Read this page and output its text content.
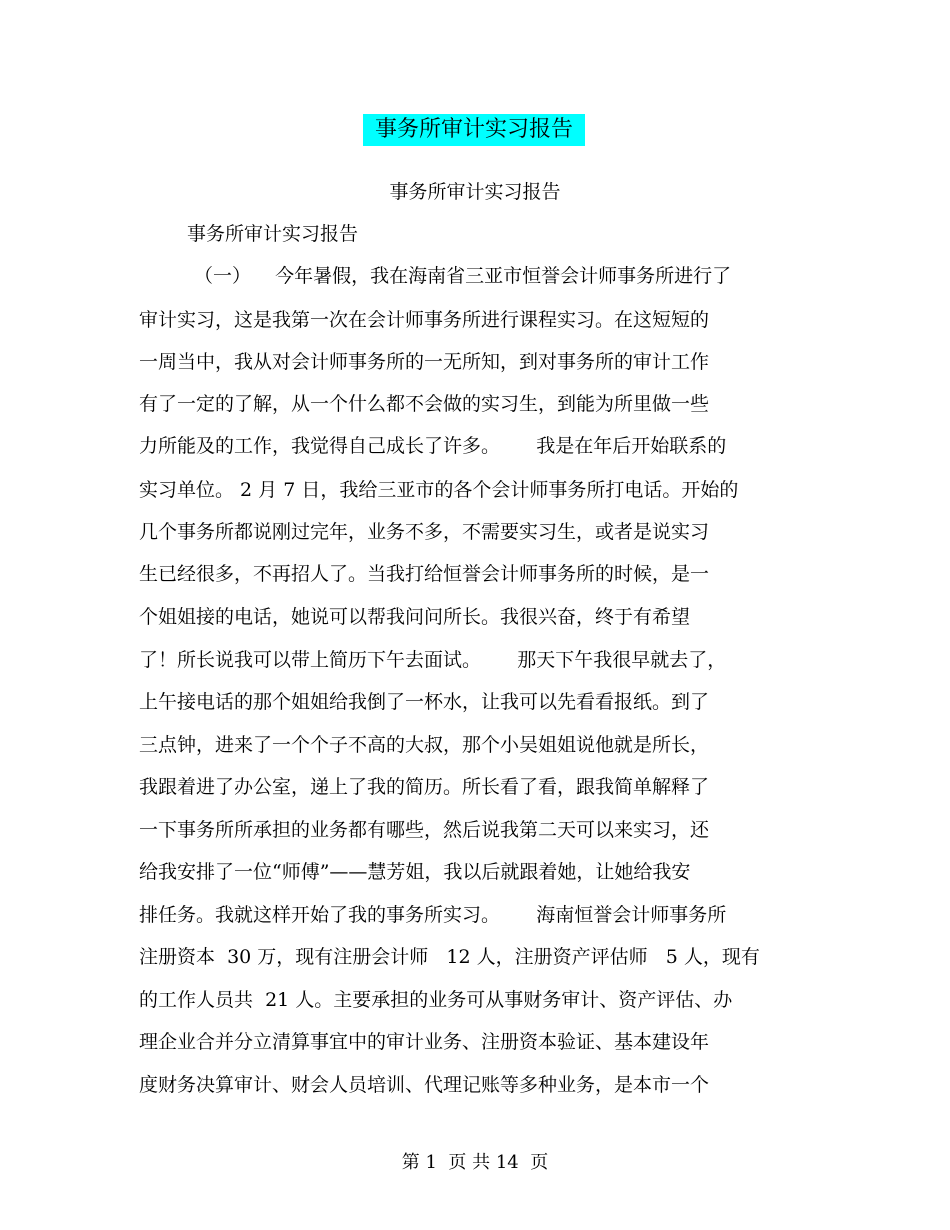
事务所审计实习报告
事务所审计实习报告
事务所审计实习报告
（一）    今年暑假，我在海南省三亚市恒誉会计师事务所进行了
审计实习，这是我第一次在会计师事务所进行课程实习。在这短短的
一周当中，我从对会计师事务所的一无所知，到对事务所的审计工作
有了一定的了解，从一个什么都不会做的实习生，到能为所里做一些
力所能及的工作，我觉得自己成长了许多。      我是在年后开始联系的
实习单位。 2 月 7 日，我给三亚市的各个会计师事务所打电话。开始的
几个事务所都说刚过完年，业务不多，不需要实习生，或者是说实习
生已经很多，不再招人了。当我打给恒誉会计师事务所的时候，是一
个姐姐接的电话，她说可以帮我问问所长。我很兴奋，终于有希望
了！所长说我可以带上简历下午去面试。      那天下午我很早就去了，
上午接电话的那个姐姐给我倒了一杯水，让我可以先看看报纸。到了
三点钟，进来了一个个子不高的大叔，那个小吴姐姐说他就是所长，
我跟着进了办公室，递上了我的简历。所长看了看，跟我简单解释了
一下事务所所承担的业务都有哪些，然后说我第二天可以来实习，还
给我安排了一位“师傅”——慧芳姐，我以后就跟着她，让她给我安
排任务。我就这样开始了我的事务所实习。      海南恒誉会计师事务所
注册资本  30 万，现有注册会计师   12 人，注册资产评估师   5 人，现有
的工作人员共  21 人。主要承担的业务可从事财务审计、资产评估、办
理企业合并分立清算事宜中的审计业务、注册资本验证、基本建设年
度财务决算审计、财会人员培训、代理记账等多种业务，是本市一个
第 1  页 共 14  页
